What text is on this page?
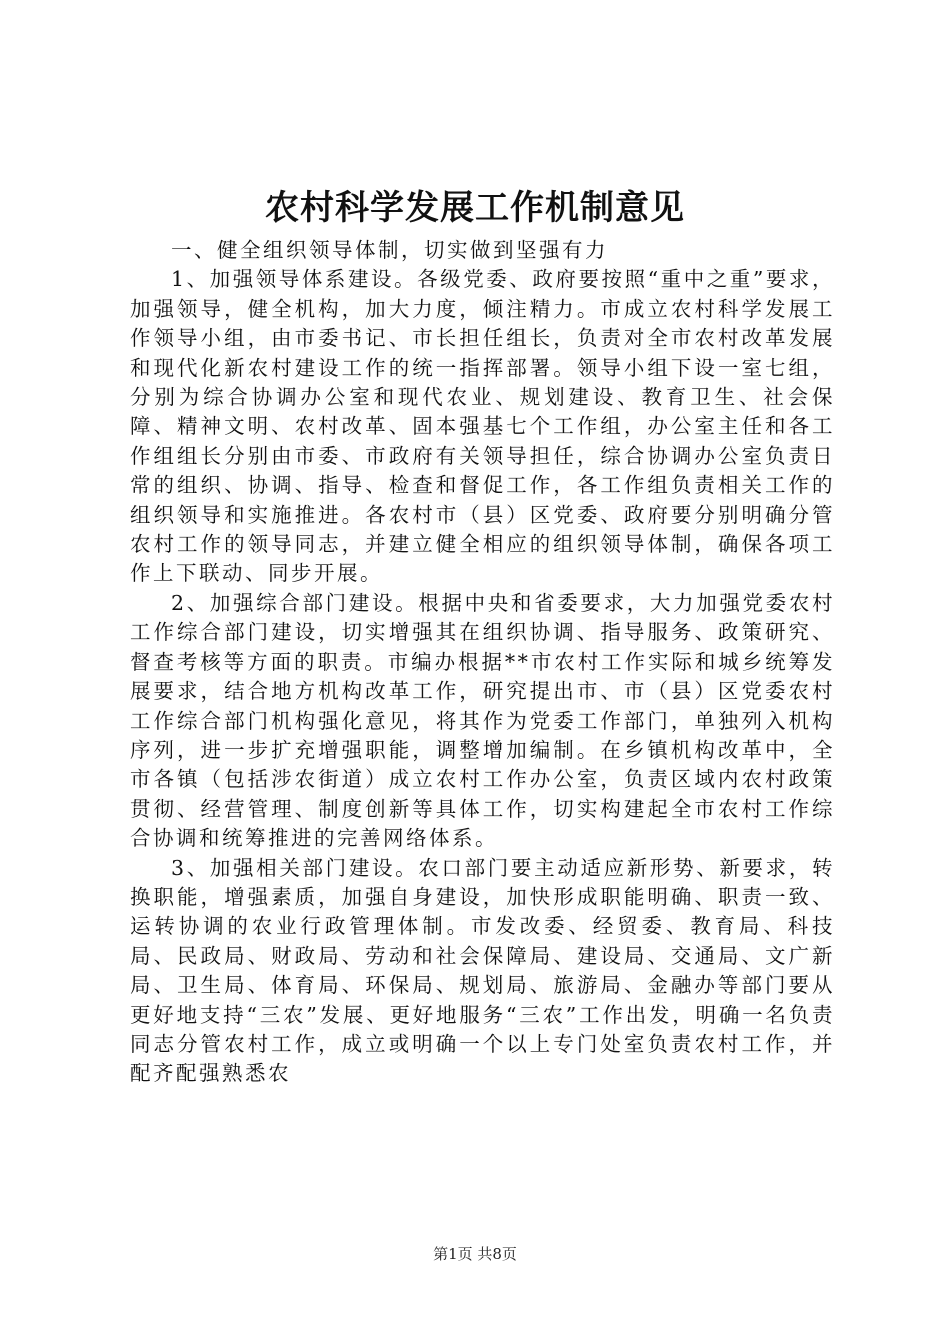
农村科学发展工作机制意见

一、健全组织领导体制，切实做到坚强有力

1、加强领导体系建设。各级党委、政府要按照“重中之重”要求，加强领导，健全机构，加大力度，倾注精力。市成立农村科学发展工作领导小组，由市委书记、市长担任组长，负责对全市农村改革发展和现代化新农村建设工作的统一指挥部署。领导小组下设一室七组，分别为综合协调办公室和现代农业、规划建设、教育卫生、社会保障、精神文明、农村改革、固本强基七个工作组，办公室主任和各工作组组长分别由市委、市政府有关领导担任，综合协调办公室负责日常的组织、协调、指导、检查和督促工作，各工作组负责相关工作的组织领导和实施推进。各农村市（县）区党委、政府要分别明确分管农村工作的领导同志，并建立健全相应的组织领导体制，确保各项工作上下联动、同步开展。

2、加强综合部门建设。根据中央和省委要求，大力加强党委农村工作综合部门建设，切实增强其在组织协调、指导服务、政策研究、督查考核等方面的职责。市编办根据**市农村工作实际和城乡统筹发展要求，结合地方机构改革工作，研究提出市、市（县）区党委农村工作综合部门机构强化意见，将其作为党委工作部门，单独列入机构序列，进一步扩充增强职能，调整增加编制。在乡镇机构改革中，全市各镇（包括涉农街道）成立农村工作办公室，负责区域内农村政策贯彻、经营管理、制度创新等具体工作，切实构建起全市农村工作综合协调和统筹推进的完善网络体系。

3、加强相关部门建设。农口部门要主动适应新形势、新要求，转换职能，增强素质，加强自身建设，加快形成职能明确、职责一致、运转协调的农业行政管理体制。市发改委、经贸委、教育局、科技局、民政局、财政局、劳动和社会保障局、建设局、交通局、文广新局、卫生局、体育局、环保局、规划局、旅游局、金融办等部门要从更好地支持“三农”发展、更好地服务“三农”工作出发，明确一名负责同志分管农村工作，成立或明确一个以上专门处室负责农村工作，并配齐配强熟悉农

第1页 共8页
